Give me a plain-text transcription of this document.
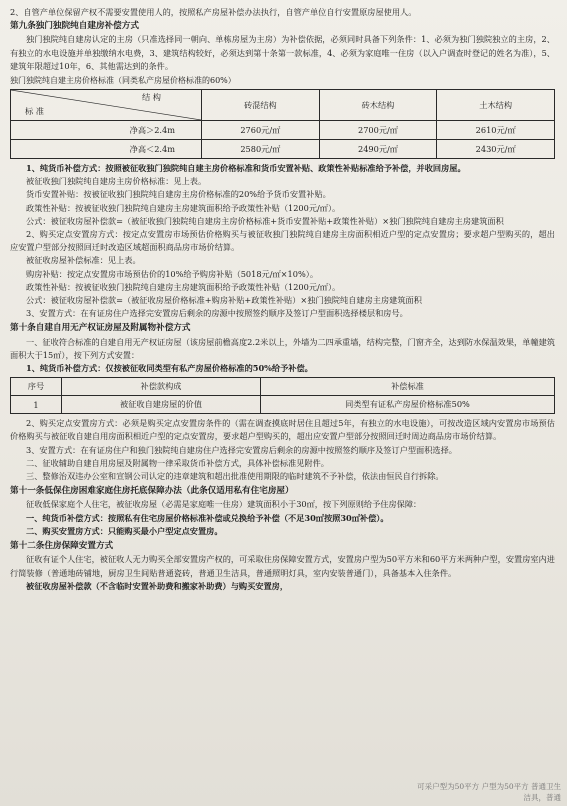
2、自管产单位保留产权不需要安置使用人的，按照私产房屋补偿办法执行，自管产单位自行安置原房屋使用人。

第九条独门独院纯自建房补偿方式

独门独院纯自建房认定的主房（只准选择同一朝向、单栋房屋为主房）为补偿依据，必须同时具备下列条件：1、必须为独门独院独立的主房，2、有独立的水电设施并单独缴纳水电费，3、建筑结构较好，必须达到第十条第一款标准，4、必须为家庭唯一住房（以入户调查时登记的姓名为准），5、建筑年限超过10年，6、其他需达到的条件。

独门独院纯自建主房价格标准（同类私产房屋价格标准的60%）

结 构
标 准	砖混结构	砖木结构	土木结构
净高＞2.4m	2760元/㎡	2700元/㎡	2610元/㎡
净高＜2.4m	2580元/㎡	2490元/㎡	2430元/㎡

1、纯货币补偿方式：按照被征收独门独院纯自建主房价格标准和货币安置补贴、政策性补贴标准给予补偿，并收回房屋。

被征收独门独院纯自建房主房价格标准：见上表。

货币安置补贴：按被征收独门独院纯自建房主房价格标准的20%给予货币安置补贴。

政策性补贴：按被征收独门独院纯自建房主房建筑面积给予政策性补贴（1200元/㎡）。

公式：被征收房屋补偿款=（被征收独门独院纯自建房主房价格标准+货币安置补贴+政策性补贴）×独门独院纯自建房主房建筑面积

2、购买定点安置房方式：按定点安置房市场预估价格购买与被征收独门独院纯自建房主房面积相近户型的定点安置房；要求超户型购买的，超出应安置户型部分按照回迁时改造区域超面积商品房市场价结算。

被征收房屋补偿标准：见上表。

购房补贴：按定点安置房市场预估价的10%给予购房补贴（5018元/㎡×10%）。

政策性补贴：按被征收独门独院纯自建房主房建筑面积给予政策性补贴（1200元/㎡）。

公式：被征收房屋补偿款=（被征收房屋价格标准+购房补贴+政策性补贴）×独门独院纯自建房主房建筑面积

3、安置方式：在有证房住户选择完安置房后剩余的房源中按照签约顺序及签订户型面积选择楼层和房号。

第十条自建自用无产权证房屋及附属物补偿方式

一、征收符合标准的自建自用无产权证房屋（该房屋前檐高度2.2米以上，外墙为二四承重墙，结构完整，门窗齐全，达到防水保温效果，单幢建筑面积大于15㎡），按下列方式安置：

1、纯货币补偿方式：仅按被征收同类型有私产房屋价格标准的50%给予补偿。

序号	补偿款构成	补偿标准
1	被征收自建房屋的价值	同类型有证私产房屋价格标准50%

2、购买定点安置房方式：必须是购买定点安置房条件的（需在调查摸底时居住且超过5年，有独立的水电设施），可按改造区域内安置房市场预估价格购买与被征收自建自用房面积相近户型的定点安置房，要求超户型购买的，超出应安置户型部分按照回迁时周边商品房市场价结算。

3、安置方式：在有证房住户和独门独院纯自建房住户选择完安置房后剩余的房源中按照签约顺序及签订户型面积选择。

二、征收辅助自建自用房屋及附属物一律采取货币补偿方式，具体补偿标准见附件。

三、整修治双违办公室和宣钢公司认定的违章建筑和超出批准使用期限的临时建筑不予补偿，依法由恒民自行拆除。

第十一条低保住房困难家庭住房托底保障办法（此条仅适用私有住宅房屋）

征收低保家庭个人住宅，被征收房屋（必需是家庭唯一住房）建筑面积小于30㎡，按下列原则给予住房保障：

一、纯货币补偿方式：按照私有住宅房屋价格标准补偿或兑换给予补偿（不足30㎡按照30㎡补偿）。

二、购买安置房方式：只能购买最小户型定点安置房。

第十二条住房保障安置方式

征收有证个人住宅，被征收人无力购买全部安置房产权的，可采取住房保障安置方式，安置房户型为50平方米和60平方米两种户型，安置房室内进行简装修（普通地砖铺地，厨房卫生间贴普通瓷砖，普通卫生洁具，普通照明灯具，室内安装普通门），具备基本入住条件。

被征收房屋补偿款（不含临时安置补助费和搬家补助费）与购买安置房，

可采户型为50平方 户型为50平方 普通卫生洁具，普通
